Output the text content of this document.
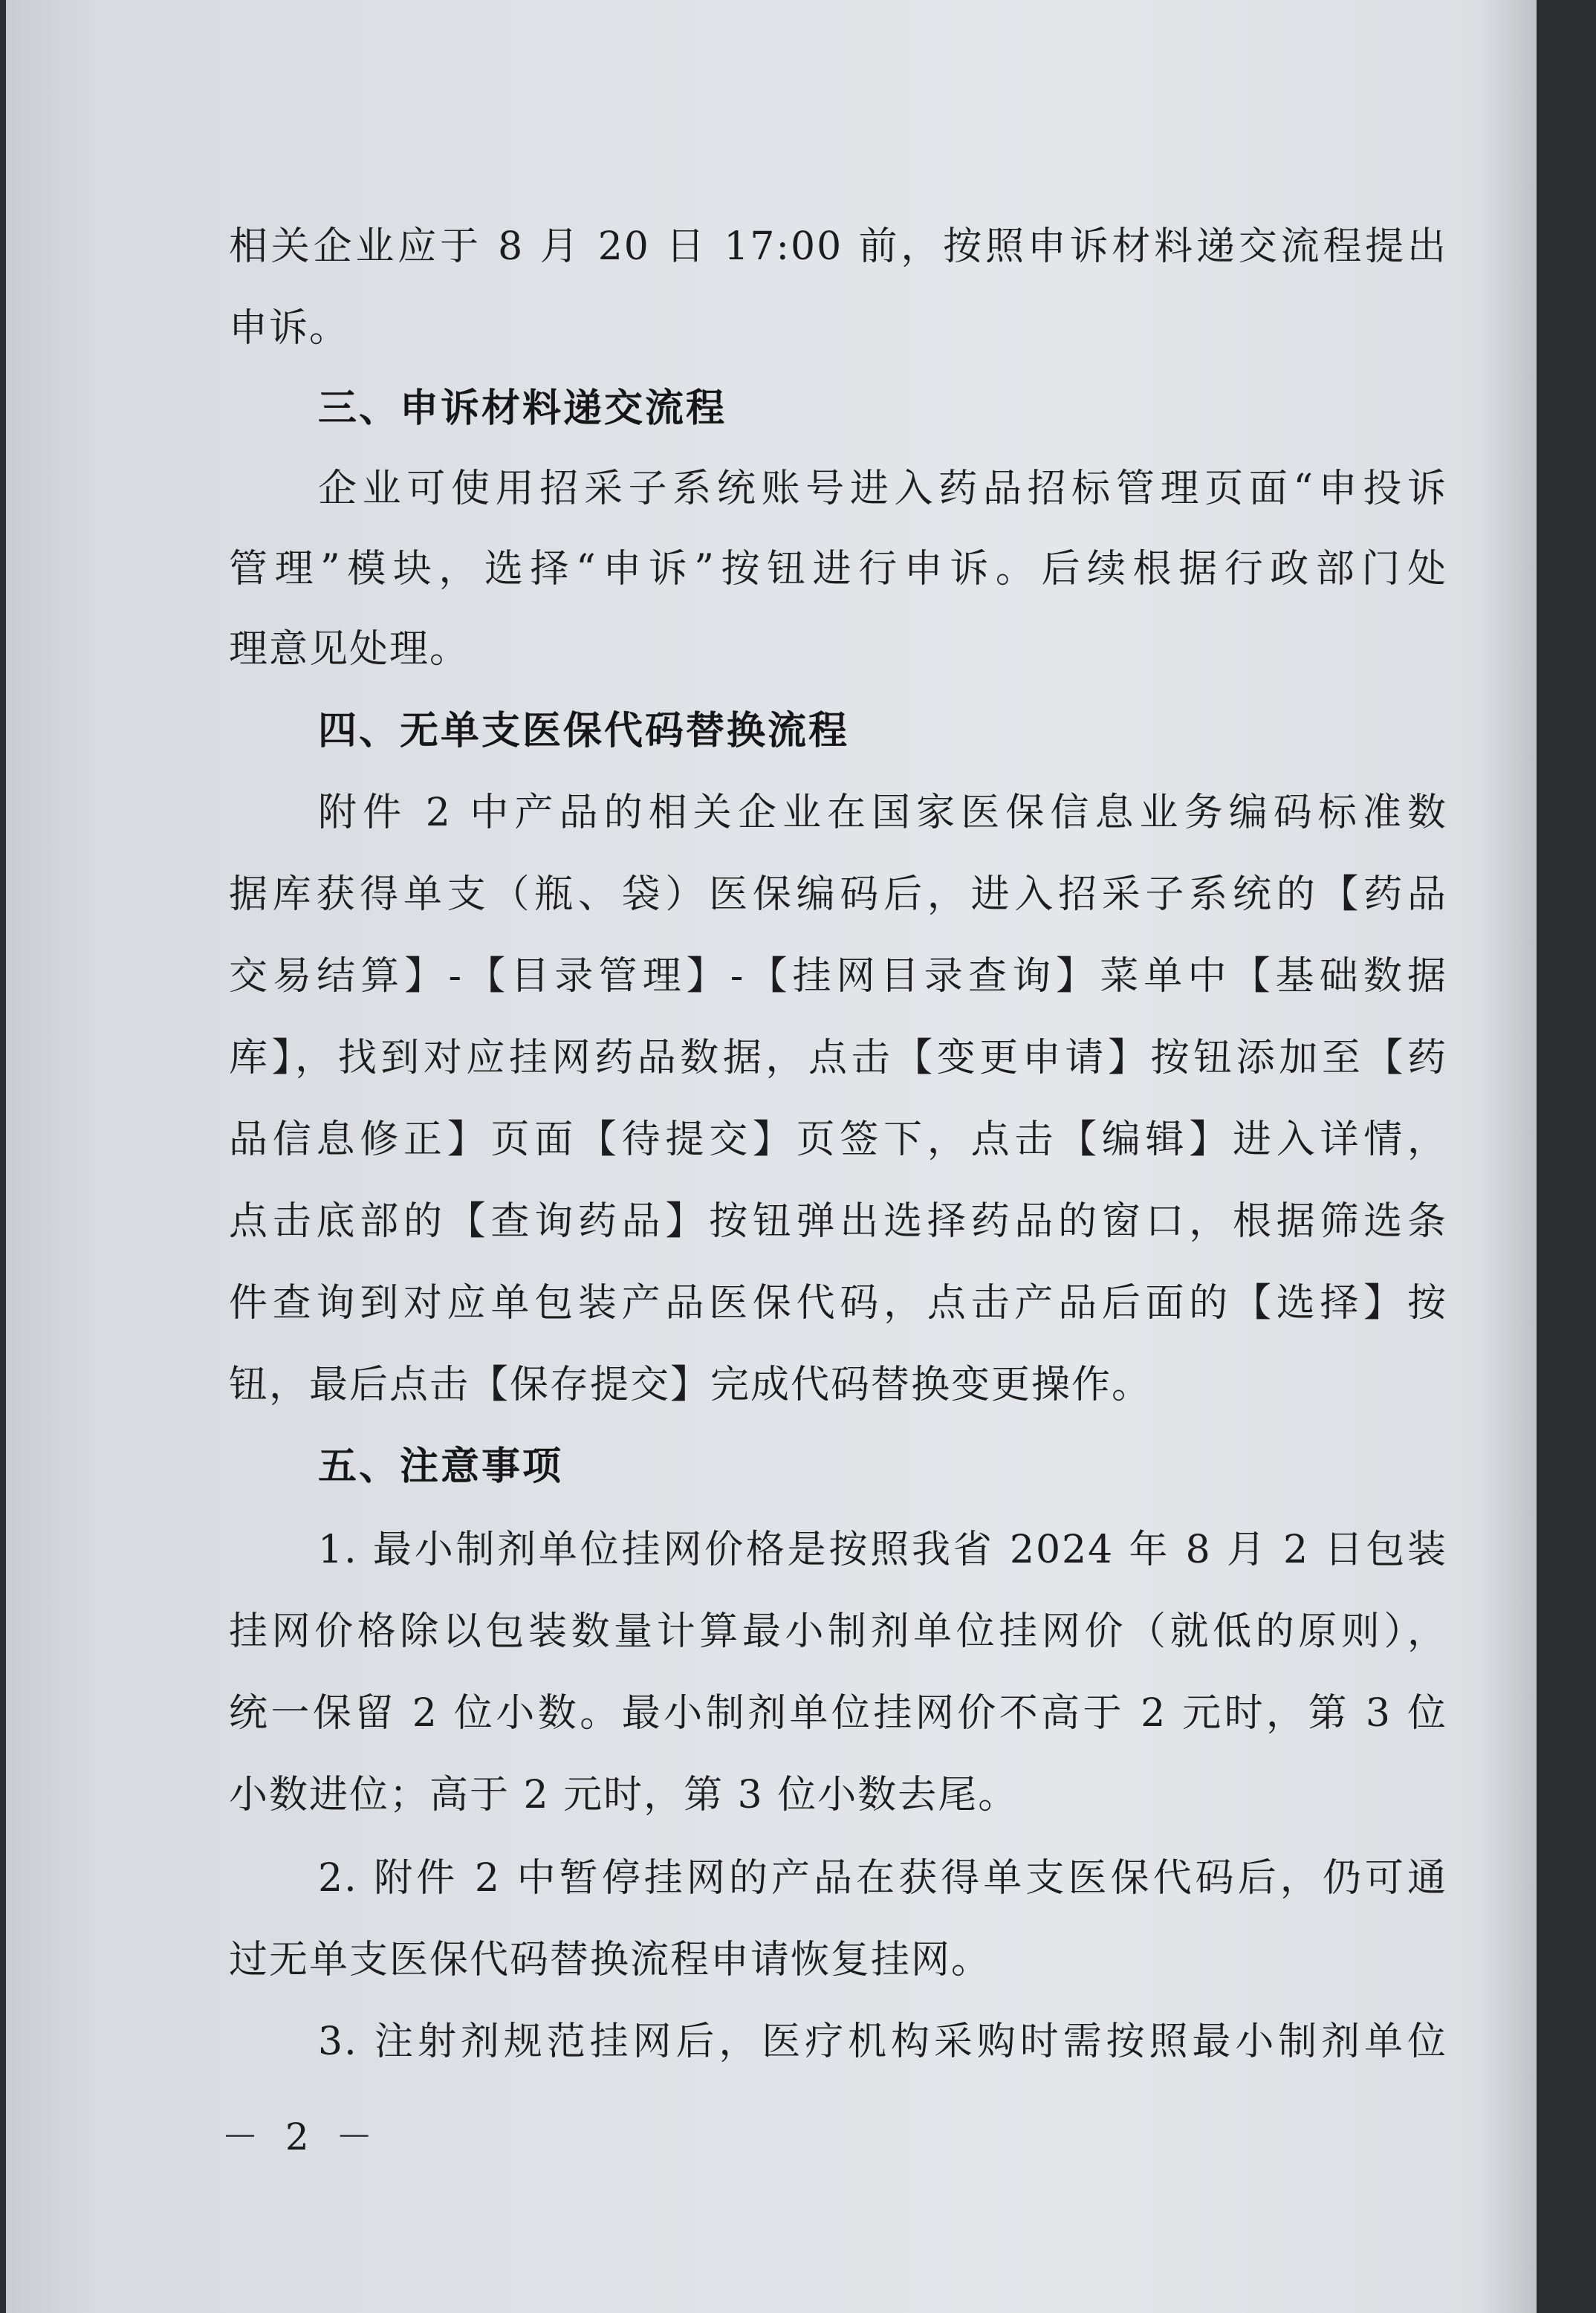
相关企业应于 8 月 20 日 17:00 前，按照申诉材料递交流程提出

申诉。

三、申诉材料递交流程

企业可使用招采子系统账号进入药品招标管理页面“申投诉

管理”模块，选择“申诉”按钮进行申诉。后续根据行政部门处

理意见处理。

四、无单支医保代码替换流程

附件 2 中产品的相关企业在国家医保信息业务编码标准数

据库获得单支（瓶、袋）医保编码后，进入招采子系统的【药品

交易结算】-【目录管理】-【挂网目录查询】菜单中【基础数据

库】，找到对应挂网药品数据，点击【变更申请】按钮添加至【药

品信息修正】页面【待提交】页签下，点击【编辑】进入详情，

点击底部的【查询药品】按钮弹出选择药品的窗口，根据筛选条

件查询到对应单包装产品医保代码，点击产品后面的【选择】按

钮，最后点击【保存提交】完成代码替换变更操作。

五、注意事项

1. 最小制剂单位挂网价格是按照我省 2024 年 8 月 2 日包装

挂网价格除以包装数量计算最小制剂单位挂网价（就低的原则），

统一保留 2 位小数。最小制剂单位挂网价不高于 2 元时，第 3 位

小数进位；高于 2 元时，第 3 位小数去尾。

2. 附件 2 中暂停挂网的产品在获得单支医保代码后，仍可通

过无单支医保代码替换流程申请恢复挂网。

3. 注射剂规范挂网后，医疗机构采购时需按照最小制剂单位

－ 2 －
